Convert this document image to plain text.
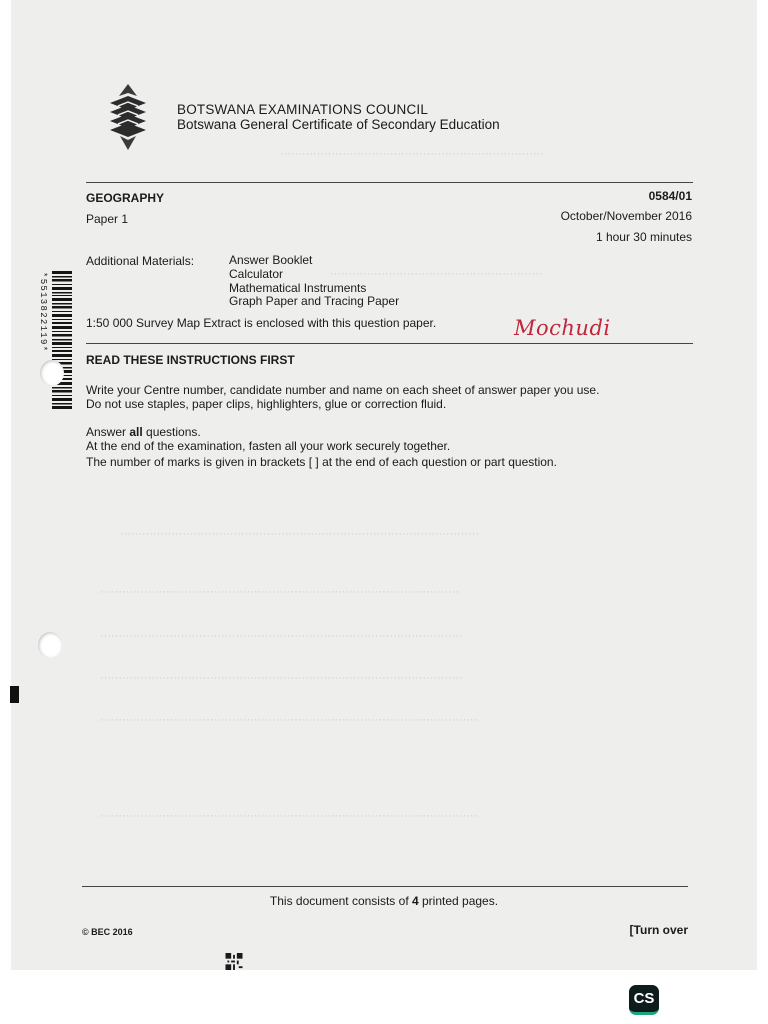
········································································
··························································
··································································································
··································································································
···································································································
···································································································
·······································································································
·······································································································
BOTSWANA EXAMINATIONS COUNCIL
Botswana General Certificate of Secondary Education
GEOGRAPHY
Paper 1
0584/01
October/November 2016
1 hour 30 minutes
Additional Materials:	Answer Booklet
Calculator
Mathematical Instruments
Graph Paper and Tracing Paper
1:50 000 Survey Map Extract is enclosed with this question paper.	Mochudi
READ THESE INSTRUCTIONS FIRST
Write your Centre number, candidate number and name on each sheet of answer paper you use.
Do not use staples, paper clips, highlighters, glue or correction fluid.
Answer all questions.
At the end of the examination, fasten all your work securely together.
The number of marks is given in brackets [ ] at the end of each question or part question.
*5513822119*
This document consists of 4 printed pages.
© BEC 2016	[Turn over
CS
